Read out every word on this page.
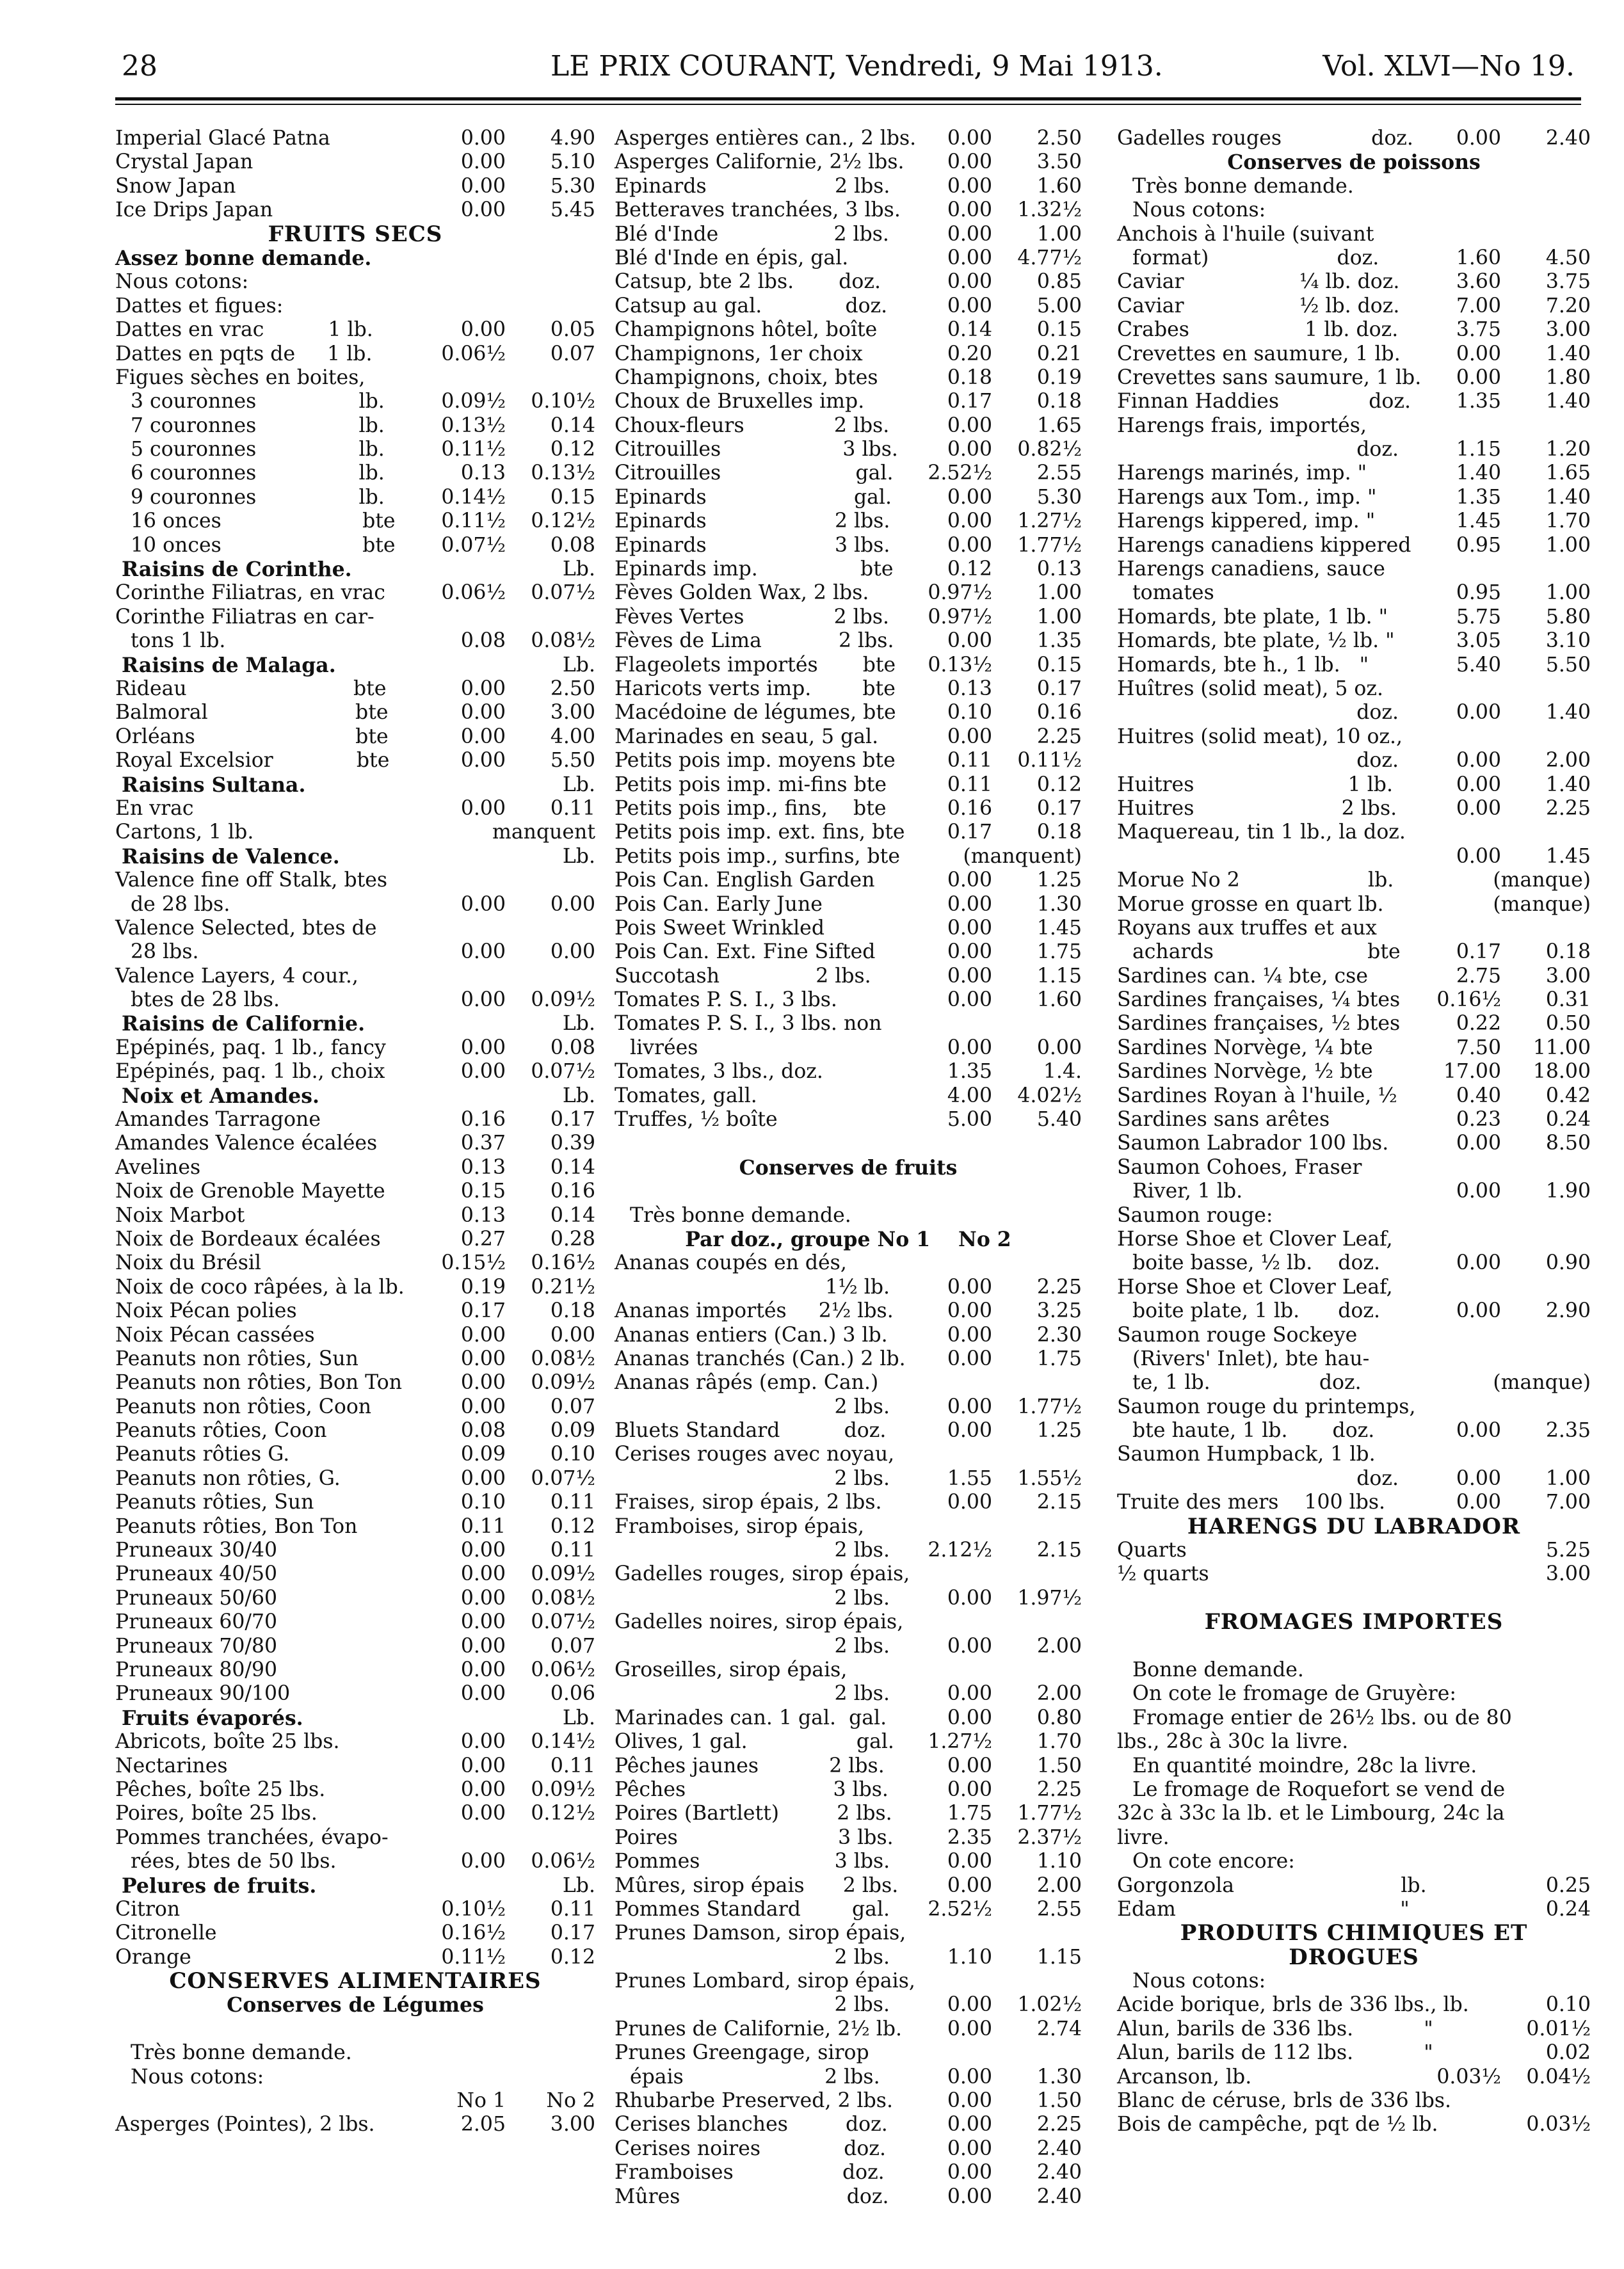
28	LE PRIX COURANT, Vendredi, 9 Mai 1913.	Vol. XLVI—No 19.
Imperial Glacé Patna	0.00 4.90
Crystal Japan	0.00 5.10
Snow Japan	0.00 5.30
Ice Drips Japan	0.00 5.45
FRUITS SECS
Assez bonne demande.
Nous cotons:
Dattes et figues:
Dattes en vrac          1 lb.	0.00 0.05
Dattes en pqts de     1 lb.	0.06½ 0.07
Figues sèches en boites,
3 couronnes                lb.	0.09½ 0.10½
7 couronnes                lb.	0.13½ 0.14
5 couronnes                lb.	0.11½ 0.12
6 couronnes                lb.	0.13 0.13½
9 couronnes                lb.	0.14½ 0.15
16 onces                      bte 0.11½ 0.12½
10 onces                      bte 0.07½ 0.08
Raisins de Corinthe.	Lb.
Corinthe Filiatras, en vrac	0.06½ 0.07½
Corinthe Filiatras en car-
tons 1 lb.	0.08 0.08½
Raisins de Malaga.	Lb.
Rideau                          bte	0.00 2.50
Balmoral                       bte	0.00 3.00
Orléans                         bte	0.00 4.00
Royal Excelsior             bte	0.00 5.50
Raisins Sultana.	Lb.
En vrac	0.00 0.11
Cartons, 1 lb.	manquent
Raisins de Valence.	Lb.
Valence fine off Stalk, btes
de 28 lbs.	0.00 0.00
Valence Selected, btes de
28 lbs.	0.00 0.00
Valence Layers, 4 cour.,
btes de 28 lbs.	0.00 0.09½
Raisins de Californie.	Lb.
Epépinés, paq. 1 lb., fancy	0.00 0.08
Epépinés, paq. 1 lb., choix	0.00 0.07½
Noix et Amandes.	Lb.
Amandes Tarragone	0.16 0.17
Amandes Valence écalées	0.37 0.39
Avelines	0.13 0.14
Noix de Grenoble Mayette	0.15 0.16
Noix Marbot	0.13 0.14
Noix de Bordeaux écalées	0.27 0.28
Noix du Brésil	0.15½ 0.16½
Noix de coco râpées, à la lb.	0.19 0.21½
Noix Pécan polies	0.17 0.18
Noix Pécan cassées	0.00 0.00
Peanuts non rôties, Sun	0.00 0.08½
Peanuts non rôties, Bon Ton	0.00 0.09½
Peanuts non rôties, Coon	0.00 0.07
Peanuts rôties, Coon	0.08 0.09
Peanuts rôties G.	0.09 0.10
Peanuts non rôties, G.	0.00 0.07½
Peanuts rôties, Sun	0.10 0.11
Peanuts rôties, Bon Ton	0.11 0.12
Pruneaux 30/40	0.00 0.11
Pruneaux 40/50	0.00 0.09½
Pruneaux 50/60	0.00 0.08½
Pruneaux 60/70	0.00 0.07½
Pruneaux 70/80	0.00 0.07
Pruneaux 80/90	0.00 0.06½
Pruneaux 90/100	0.00 0.06
Fruits évaporés.	Lb.
Abricots, boîte 25 lbs.	0.00 0.14½
Nectarines	0.00 0.11
Pêches, boîte 25 lbs.	0.00 0.09½
Poires, boîte 25 lbs.	0.00 0.12½
Pommes tranchées, évapo-
rées, btes de 50 lbs.	0.00 0.06½
Pelures de fruits.	Lb.
Citron	0.10½ 0.11
Citronelle	0.16½ 0.17
Orange	0.11½ 0.12
CONSERVES ALIMENTAIRES
Conserves de Légumes
Très bonne demande.
Nous cotons:
No 1 No 2
Asperges (Pointes), 2 lbs.	2.05 3.00
Asperges entières can., 2 lbs. 0.00 2.50
Asperges Californie, 2½ lbs. 0.00 3.50
Epinards                    2 lbs.	0.00 1.60
Betteraves tranchées, 3 lbs. 0.00 1.32½
Blé d'Inde                  2 lbs.	0.00 1.00
Blé d'Inde en épis, gal.	0.00 4.77½
Catsup, bte 2 lbs.       doz.	0.00 0.85
Catsup au gal.             doz.	0.00 5.00
Champignons hôtel, boîte	0.14 0.15
Champignons, 1er choix	0.20 0.21
Champignons, choix, btes	0.18 0.19
Choux de Bruxelles imp.	0.17 0.18
Choux-fleurs              2 lbs.	0.00 1.65
Citrouilles                   3 lbs. 0.00 0.82½
Citrouilles                     gal. 2.52½ 2.55
Epinards                       gal.	0.00 5.30
Epinards                    2 lbs.	0.00 1.27½
Epinards                    3 lbs.	0.00 1.77½
Epinards imp.                bte	0.12 0.13
Fèves Golden Wax, 2 lbs.	0.97½ 1.00
Fèves Vertes              2 lbs. 0.97½ 1.00
Fèves de Lima            2 lbs.	0.00 1.35
Flageolets importés       bte 0.13½ 0.15
Haricots verts imp.        bte	0.13 0.17
Macédoine de légumes, bte	0.10 0.16
Marinades en seau, 5 gal.	0.00 2.25
Petits pois imp. moyens bte	0.11 0.11½
Petits pois imp. mi-fins bte	0.11 0.12
Petits pois imp., fins,    bte	0.16 0.17
Petits pois imp. ext. fins, bte 0.17 0.18
Petits pois imp., surfins, bte	(manquent)
Pois Can. English Garden	0.00 1.25
Pois Can. Early June	0.00 1.30
Pois Sweet Wrinkled	0.00 1.45
Pois Can. Ext. Fine Sifted	0.00 1.75
Succotash               2 lbs.	0.00 1.15
Tomates P. S. I., 3 lbs.	0.00 1.60
Tomates P. S. I., 3 lbs. non
livrées	0.00 0.00
Tomates, 3 lbs., doz.	1.35	1.4.
Tomates, gall.	4.00 4.02½
Truffes, ½ boîte	5.00 5.40
Conserves de fruits
Très bonne demande.
Par doz., groupe No 1    No 2
Ananas coupés en dés,
1½ lb.	0.00 2.25
Ananas importés     2½ lbs.	0.00 3.25
Ananas entiers (Can.) 3 lb.	0.00 2.30
Ananas tranchés (Can.) 2 lb. 0.00 1.75
Ananas râpés (emp. Can.)
2 lbs.	0.00 1.77½
Bluets Standard          doz.	0.00 1.25
Cerises rouges avec noyau,
2 lbs.	1.55 1.55½
Fraises, sirop épais, 2 lbs.	0.00 2.15
Framboises, sirop épais,
2 lbs. 2.12½ 2.15
Gadelles rouges, sirop épais,
2 lbs.	0.00 1.97½
Gadelles noires, sirop épais,
2 lbs.	0.00 2.00
Groseilles, sirop épais,
2 lbs.	0.00 2.00
Marinades can. 1 gal.  gal.	0.00 0.80
Olives, 1 gal.                 gal. 1.27½ 1.70
Pêches jaunes           2 lbs.	0.00 1.50
Pêches                       3 lbs.	0.00 2.25
Poires (Bartlett)         2 lbs.	1.75 1.77½
Poires                         3 lbs.	2.35 2.37½
Pommes                     3 lbs.	0.00 1.10
Mûres, sirop épais      2 lbs. 0.00 2.00
Pommes Standard        gal. 2.52½ 2.55
Prunes Damson, sirop épais,
2 lbs.	1.10 1.15
Prunes Lombard, sirop épais,
2 lbs.	0.00 1.02½
Prunes de Californie, 2½ lb. 0.00 2.74
Prunes Greengage, sirop
épais                      2 lbs.	0.00 1.30
Rhubarbe Preserved, 2 lbs.	0.00 1.50
Cerises blanches         doz.	0.00 2.25
Cerises noires             doz.	0.00 2.40
Framboises                 doz.	0.00 2.40
Mûres                          doz.	0.00 2.40
Gadelles rouges              doz. 0.00 2.40
Conserves de poissons
Très bonne demande.
Nous cotons:
Anchois à l'huile (suivant
format)                    doz.	1.60 4.50
Caviar                  ¼ lb. doz.	3.60 3.75
Caviar                  ½ lb. doz.	7.00 7.20
Crabes                  1 lb. doz.	3.75 3.00
Crevettes en saumure, 1 lb.	0.00 1.40
Crevettes sans saumure, 1 lb. 0.00 1.80
Finnan Haddies              doz. 1.35 1.40
Harengs frais, importés,
doz.	1.15 1.20
Harengs marinés, imp. "	1.40 1.65
Harengs aux Tom., imp. "	1.35 1.40
Harengs kippered, imp. "	1.45 1.70
Harengs canadiens kippered 0.95 1.00
Harengs canadiens, sauce
tomates	0.95 1.00
Homards, bte plate, 1 lb. "	5.75 5.80
Homards, bte plate, ½ lb. "	3.05 3.10
Homards, bte h., 1 lb.   "	5.40 5.50
Huîtres (solid meat), 5 oz.
doz.	0.00 1.40
Huitres (solid meat), 10 oz.,
doz.	0.00 2.00
Huitres                        1 lb.	0.00 1.40
Huitres                       2 lbs.	0.00 2.25
Maquereau, tin 1 lb., la doz.
0.00 1.45
Morue No 2                    lb.	(manque)
Morue grosse en quart lb.	(manque)
Royans aux truffes et aux
achards                        bte	0.17 0.18
Sardines can. ¼ bte, cse	2.75 3.00
Sardines françaises, ¼ btes 0.16½ 0.31
Sardines françaises, ½ btes	0.22 0.50
Sardines Norvège, ¼ bte	7.50 11.00
Sardines Norvège, ½ bte	17.00 18.00
Sardines Royan à l'huile, ½	0.40 0.42
Sardines sans arêtes	0.23 0.24
Saumon Labrador 100 lbs.	0.00 8.50
Saumon Cohoes, Fraser
River, 1 lb.	0.00 1.90
Saumon rouge:
Horse Shoe et Clover Leaf,
boite basse, ½ lb.    doz.	0.00 0.90
Horse Shoe et Clover Leaf,
boite plate, 1 lb.      doz.	0.00 2.90
Saumon rouge Sockeye
(Rivers' Inlet), bte hau-
te, 1 lb.                 doz.	(manque)
Saumon rouge du printemps,
bte haute, 1 lb.       doz.	0.00 2.35
Saumon Humpback, 1 lb.
doz.	0.00 1.00
Truite des mers    100 lbs.	0.00 7.00
HARENGS DU LABRADOR
Quarts	5.25
½ quarts	3.00
FROMAGES IMPORTES
Bonne demande.
On cote le fromage de Gruyère:
Fromage entier de 26½ lbs. ou de 80
lbs., 28c à 30c la livre.
En quantité moindre, 28c la livre.
Le fromage de Roquefort se vend de
32c à 33c la lb. et le Limbourg, 24c la
livre.
On cote encore:
Gorgonzola                          lb.	0.25
Edam                                   "	0.24
PRODUITS CHIMIQUES ET
DROGUES
Nous cotons:
Acide borique, brls de 336 lbs., lb.	0.10
Alun, barils de 336 lbs.           "	0.01½
Alun, barils de 112 lbs.           "	0.02
Arcanson, lb.	0.03½ 0.04½
Blanc de céruse, brls de 336 lbs.
Bois de campêche, pqt de ½ lb.	0.03½
